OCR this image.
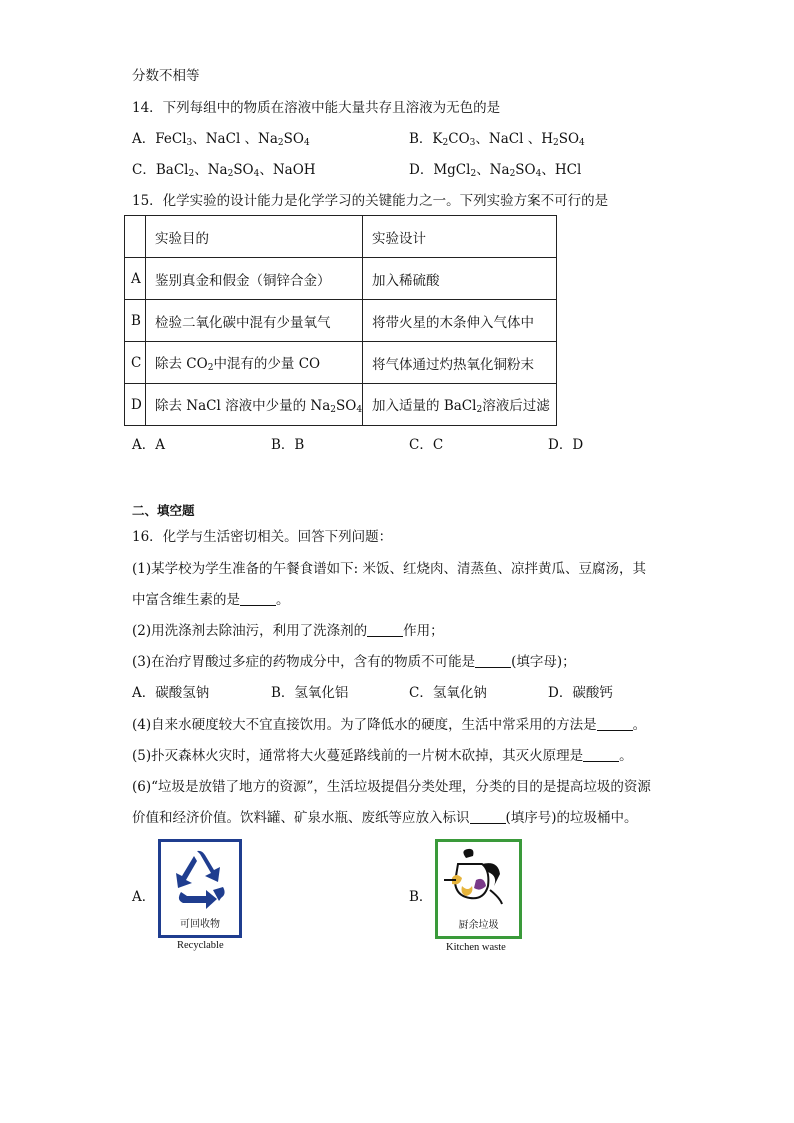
分数不相等
14．下列每组中的物质在溶液中能大量共存且溶液为无色的是
A．FeCl$_3$、NaCl 、$Na_2SO_4$	B．$K_2CO_3$、NaCl 、$H_2SO_4$
C．BaCl$_2$、$Na_2SO_4$、NaOH	D．MgCl$_2$、$Na_2SO_4$、HCl
15．化学实验的设计能力是化学学习的关键能力之一。下列实验方案不可行的是
	实验目的	实验设计
A	鉴别真金和假金（铜锌合金）	加入稀硫酸
B	检验二氧化碳中混有少量氧气	将带火星的木条伸入气体中
C	除去 $CO_2$中混有的少量 CO	将气体通过灼热氧化铜粉末
D	除去 NaCl 溶液中少量的 $Na_2SO_4$	加入适量的 BaCl$_2$溶液后过滤
A．A	B．B	C．C	D．D
二、填空题
16．化学与生活密切相关。回答下列问题：
(1)某学校为学生准备的午餐食谱如下: 米饭、红烧肉、清蒸鱼、凉拌黄瓜、豆腐汤，其
中富含维生素的是	。
(2)用洗涤剂去除油污，利用了洗涤剂的	作用；
(3)在治疗胃酸过多症的药物成分中，含有的物质不可能是	(填字母)；
A．碳酸氢钠	B．氢氧化铝	C．氢氧化钠	D．碳酸钙
(4)自来水硬度较大不宜直接饮用。为了降低水的硬度，生活中常采用的方法是	。
(5)扑灭森林火灾时，通常将大火蔓延路线前的一片树木砍掉，其灭火原理是	。
(6)“垃圾是放错了地方的资源”，生活垃圾提倡分类处理，分类的目的是提高垃圾的资源
价值和经济价值。饮料罐、矿泉水瓶、废纸等应放入标识	(填序号)的垃圾桶中。
A．
可回收物
Recyclable
B．
厨余垃圾
Kitchen waste
